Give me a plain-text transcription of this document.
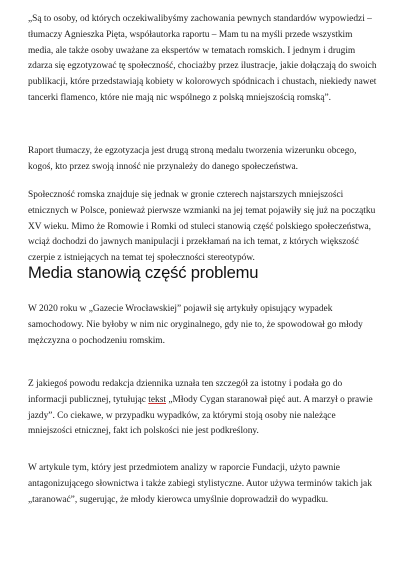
„Są to osoby, od których oczekiwalibyśmy zachowania pewnych standardów wypowiedzi – tłumaczy Agnieszka Pięta, współautorka raportu – Mam tu na myśli przede wszystkim media, ale także osoby uważane za ekspertów w tematach romskich. I jednym i drugim zdarza się egzotyzować tę społeczność, chociażby przez ilustracje, jakie dołączają do swoich publikacji, które przedstawiają kobiety w kolorowych spódnicach i chustach, niekiedy nawet tancerki flamenco, które nie mają nic wspólnego z polską mniejszością romską”.

Raport tłumaczy, że egzotyzacja jest drugą stroną medalu tworzenia wizerunku obcego, kogoś, kto przez swoją inność nie przynależy do danego społeczeństwa.

Społeczność romska znajduje się jednak w gronie czterech najstarszych mniejszości etnicznych w Polsce, ponieważ pierwsze wzmianki na jej temat pojawiły się już na początku XV wieku. Mimo że Romowie i Romki od stuleci stanowią część polskiego społeczeństwa, wciąż dochodzi do jawnych manipulacji i przekłamań na ich temat, z których większość czerpie z istniejących na temat tej społeczności stereotypów.

Media stanowią część problemu

W 2020 roku w „Gazecie Wrocławskiej” pojawił się artykuły opisujący wypadek samochodowy. Nie byłoby w nim nic oryginalnego, gdy nie to, że spowodował go młody mężczyzna o pochodzeniu romskim.

Z jakiegoś powodu redakcja dziennika uznała ten szczegół za istotny i podała go do informacji publicznej, tytułując tekst „Młody Cygan staranował pięć aut. A marzył o prawie jazdy”. Co ciekawe, w przypadku wypadków, za którymi stoją osoby nie należące mniejszości etnicznej, fakt ich polskości nie jest podkreślony.

W artykule tym, który jest przedmiotem analizy w raporcie Fundacji, użyto pawnie antagonizującego słownictwa i także zabiegi stylistyczne. Autor używa terminów takich jak „taranować”, sugerując, że młody kierowca umyślnie doprowadził do wypadku.
